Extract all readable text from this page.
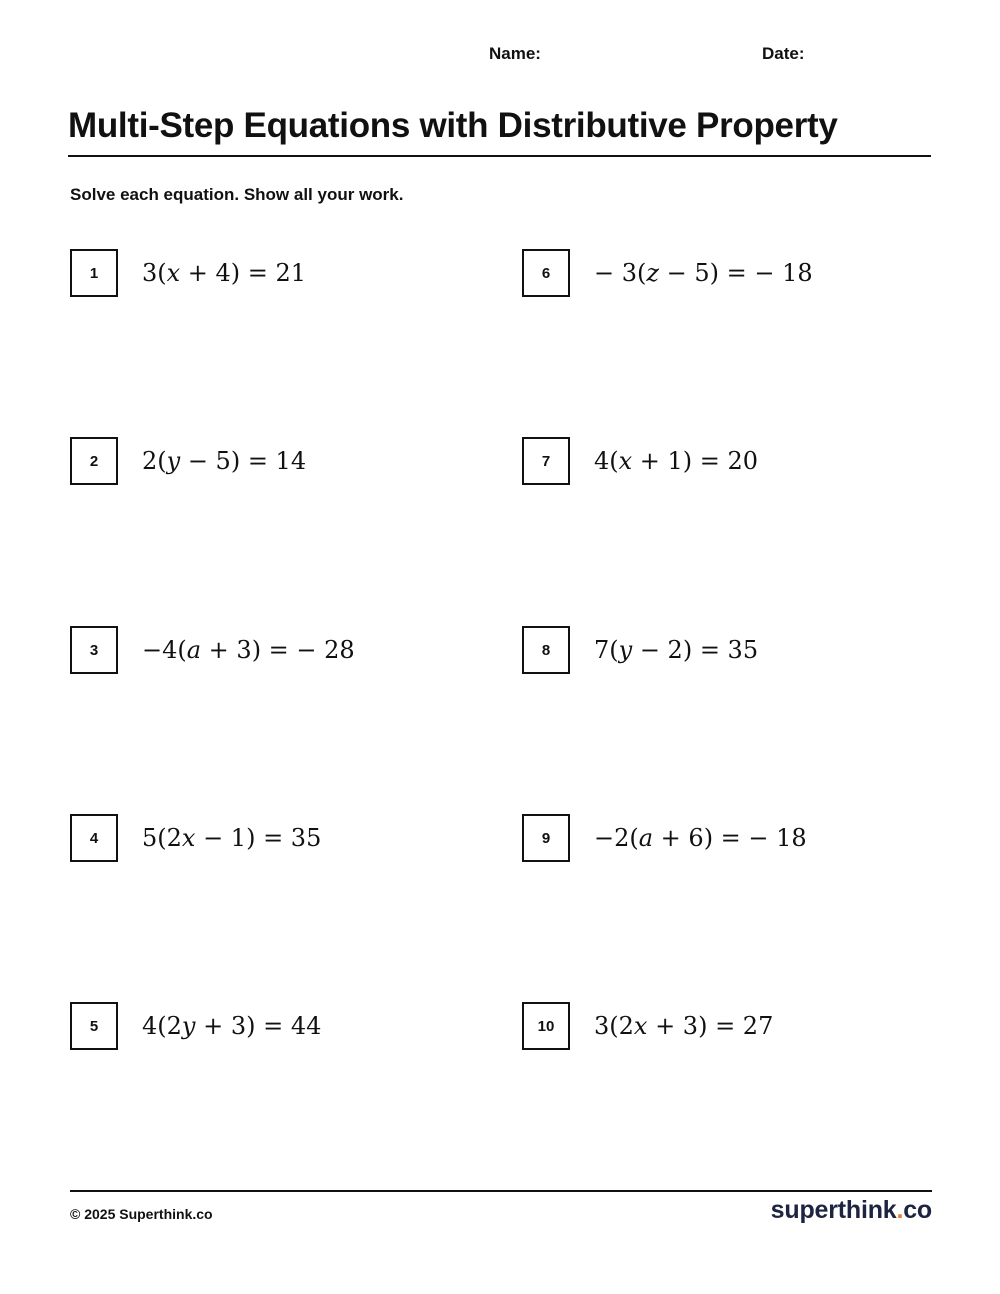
Name:	Date:
Multi-Step Equations with Distributive Property
Solve each equation. Show all your work.
1	3(𝑥 + 4) = 21
2	2(𝑦 − 5) = 14
3	−4(𝑎 + 3) = − 28
4	5(2𝑥 − 1) = 35
5	4(2𝑦 + 3) = 44
6	− 3(𝑧 − 5) = − 18
7	4(𝑥 + 1) = 20
8	7(𝑦 − 2) = 35
9	−2(𝑎 + 6) = − 18
10	3(2𝑥 + 3) = 27
© 2025 Superthink.co	superthink.co
